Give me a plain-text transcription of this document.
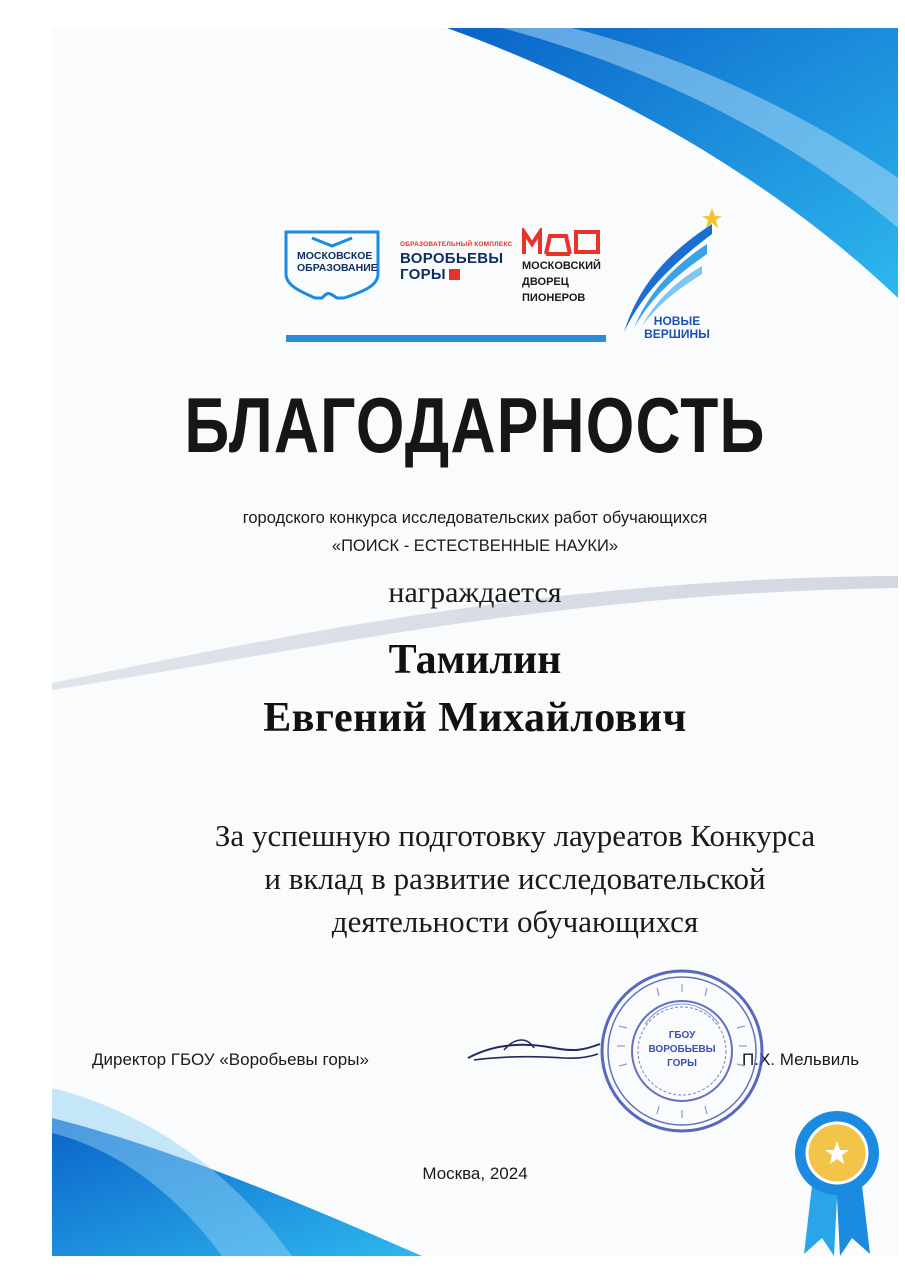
МОСКОВСКОЕ
ОБРАЗОВАНИЕ
ОБРАЗОВАТЕЛЬНЫЙ КОМПЛЕКС
ВОРОБЬЕВЫ
ГОРЫ	МОСКОВСКИЙ
ДВОРЕЦ
ПИОНЕРОВ
НОВЫЕ
ВЕРШИНЫ
БЛАГОДАРНОСТЬ
городского конкурса исследовательских работ обучающихся
«ПОИСК - ЕСТЕСТВЕННЫЕ НАУКИ»
награждается
Тамилин
Евгений Михайлович
За успешную подготовку лауреатов Конкурса
и вклад в развитие исследовательской
деятельности обучающихся
Директор ГБОУ «Воробьевы горы»	П.Х. Мельвиль
ГБОУ
ВОРОБЬЕВЫ
ГОРЫ
Москва, 2024
